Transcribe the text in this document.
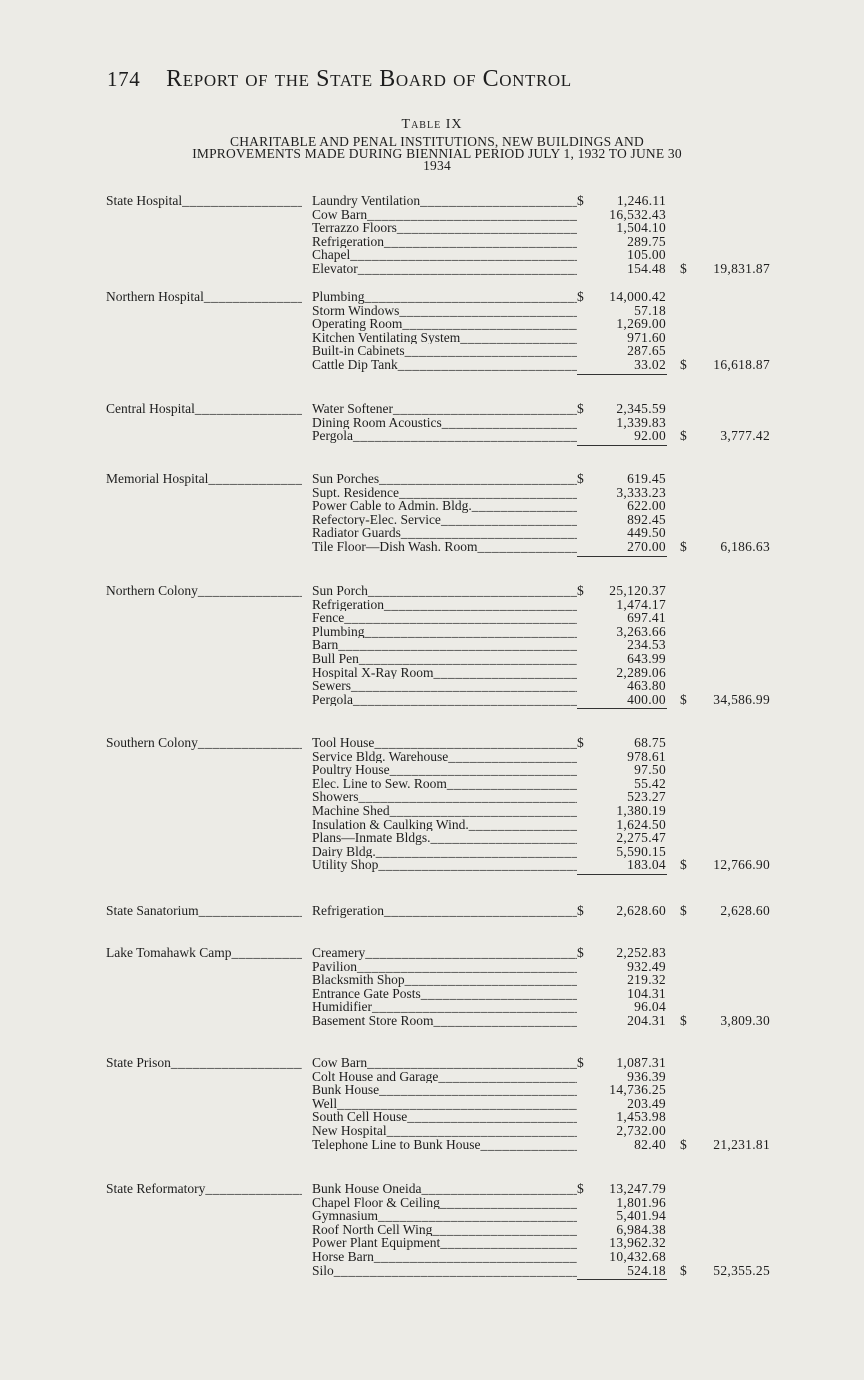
174 Report of the State Board of Control
Table IX
CHARITABLE AND PENAL INSTITUTIONS, NEW BUILDINGS AND
IMPROVEMENTS MADE DURING BIENNIAL PERIOD JULY 1, 1932 TO JUNE 30
1934
State Hospital _____	Laundry Ventilation _____	$	1,246.11
Cow Barn _____	16,532.43
Terrazzo Floors _____	1,504.10
Refrigeration _____	289.75
Chapel _____	105.00
Elevator _____	154.48 $ 19,831.87
Northern Hospital _____	Plumbing _____	$	14,000.42
Storm Windows _____	57.18
Operating Room _____	1,269.00
Kitchen Ventilating System _____	971.60
Built-in Cabinets _____	287.65
Cattle Dip Tank _____	33.02 $ 16,618.87
Central Hospital _____	Water Softener _____	$	2,345.59
Dining Room Acoustics _____	1,339.83
Pergola _____	92.00 $ 3,777.42
Memorial Hospital _____	Sun Porches _____	$	619.45
Supt. Residence _____	3,333.23
Power Cable to Admin. Bldg. _____	622.00
Refectory-Elec. Service _____	892.45
Radiator Guards _____	449.50
Tile Floor—Dish Wash. Room _____	270.00 $ 6,186.63
Northern Colony _____	Sun Porch _____	$	25,120.37
Refrigeration _____	1,474.17
Fence _____	697.41
Plumbing _____	3,263.66
Barn _____	234.53
Bull Pen _____	643.99
Hospital X-Ray Room _____	2,289.06
Sewers _____	463.80
Pergola _____	400.00 $ 34,586.99
Southern Colony _____	Tool House _____	$	68.75
Service Bldg. Warehouse _____	978.61
Poultry House _____	97.50
Elec. Line to Sew. Room _____	55.42
Showers _____	523.27
Machine Shed _____	1,380.19
Insulation & Caulking Wind. _____	1,624.50
Plans—Inmate Bldgs. _____	2,275.47
Dairy Bldg. _____	5,590.15
Utility Shop _____	183.04 $ 12,766.90
State Sanatorium _____	Refrigeration _____	$	2,628.60 $ 2,628.60
Lake Tomahawk Camp _____	Creamery _____	$	2,252.83
Pavilion _____	932.49
Blacksmith Shop _____	219.32
Entrance Gate Posts _____	104.31
Humidifier _____	96.04
Basement Store Room _____	204.31 $ 3,809.30
State Prison _____	Cow Barn _____	$	1,087.31
Colt House and Garage _____	936.39
Bunk House _____	14,736.25
Well _____	203.49
South Cell House _____	1,453.98
New Hospital _____	2,732.00
Telephone Line to Bunk House _____	82.40 $ 21,231.81
State Reformatory _____	Bunk House Oneida _____	$	13,247.79
Chapel Floor & Ceiling _____	1,801.96
Gymnasium _____	5,401.94
Roof North Cell Wing _____	6,984.38
Power Plant Equipment _____	13,962.32
Horse Barn _____	10,432.68
Silo _____	524.18 $ 52,355.25
